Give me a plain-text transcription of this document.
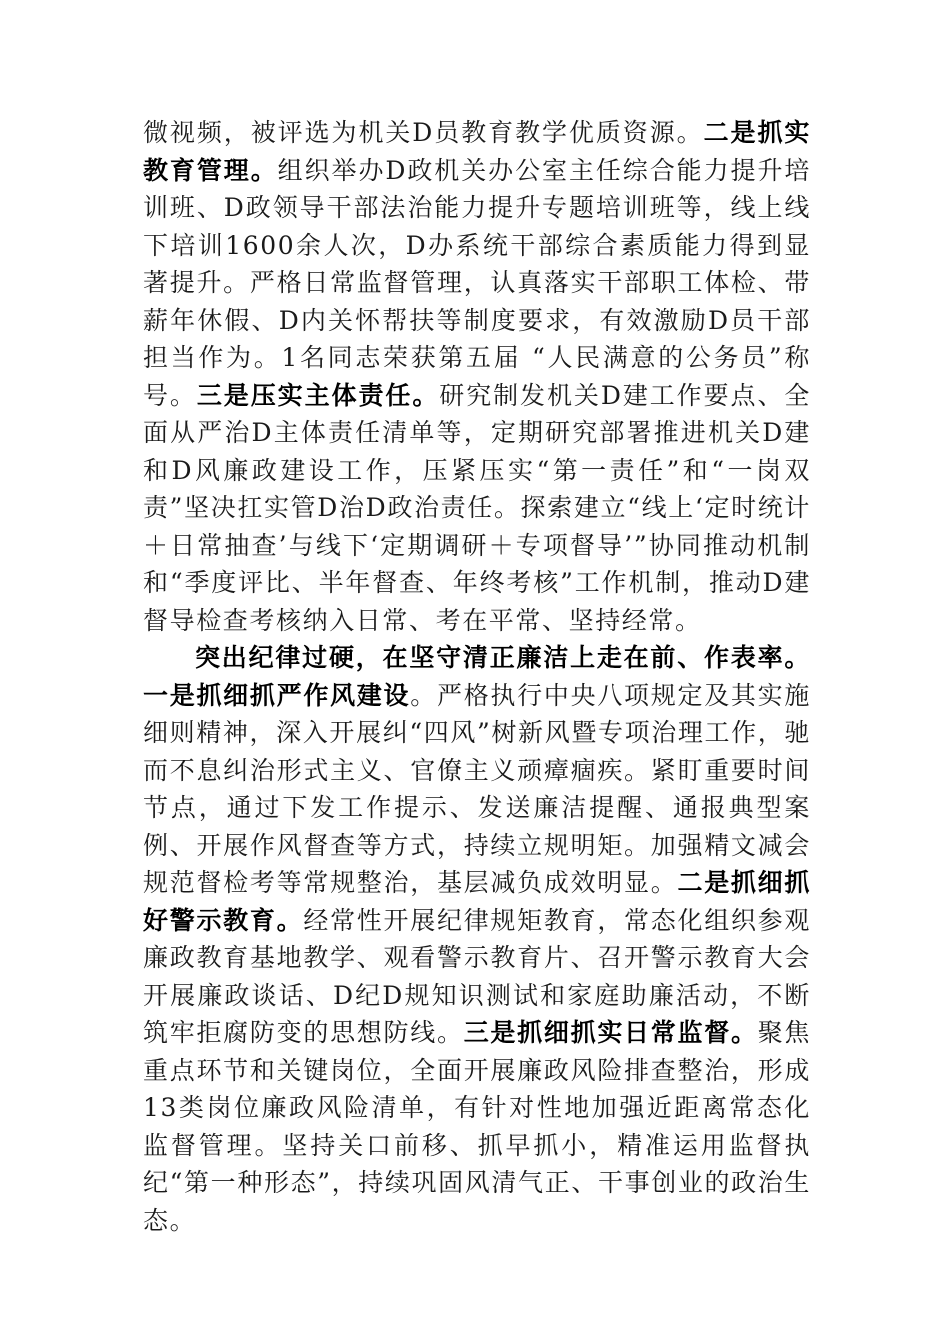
微视频，被评选为机关D员教育教学优质资源。二是抓实教育管理。组织举办D政机关办公室主任综合能力提升培训班、D政领导干部法治能力提升专题培训班等，线上线下培训1600余人次，D办系统干部综合素质能力得到显著提升。严格日常监督管理，认真落实干部职工体检、带薪年休假、D内关怀帮扶等制度要求，有效激励D员干部担当作为。1名同志荣获第五届 “人民满意的公务员”称号。三是压实主体责任。研究制发机关D建工作要点、全面从严治D主体责任清单等，定期研究部署推进机关D建和D风廉政建设工作，压紧压实“第一责任”和“一岗双责”坚决扛实管D治D政治责任。探索建立“线上‘定时统计＋日常抽查’与线下‘定期调研＋专项督导’”协同推动机制和“季度评比、半年督查、年终考核”工作机制，推动D建督导检查考核纳入日常、考在平常、坚持经常。

突出纪律过硬，在坚守清正廉洁上走在前、作表率。一是抓细抓严作风建设。严格执行中央八项规定及其实施细则精神，深入开展纠“四风”树新风暨专项治理工作，驰而不息纠治形式主义、官僚主义顽瘴痼疾。紧盯重要时间节点，通过下发工作提示、发送廉洁提醒、通报典型案例、开展作风督查等方式，持续立规明矩。加强精文减会规范督检考等常规整治，基层减负成效明显。二是抓细抓好警示教育。经常性开展纪律规矩教育，常态化组织参观廉政教育基地教学、观看警示教育片、召开警示教育大会开展廉政谈话、D纪D规知识测试和家庭助廉活动，不断筑牢拒腐防变的思想防线。三是抓细抓实日常监督。聚焦重点环节和关键岗位，全面开展廉政风险排查整治，形成13类岗位廉政风险清单，有针对性地加强近距离常态化监督管理。坚持关口前移、抓早抓小，精准运用监督执纪“第一种形态”，持续巩固风清气正、干事创业的政治生态。
